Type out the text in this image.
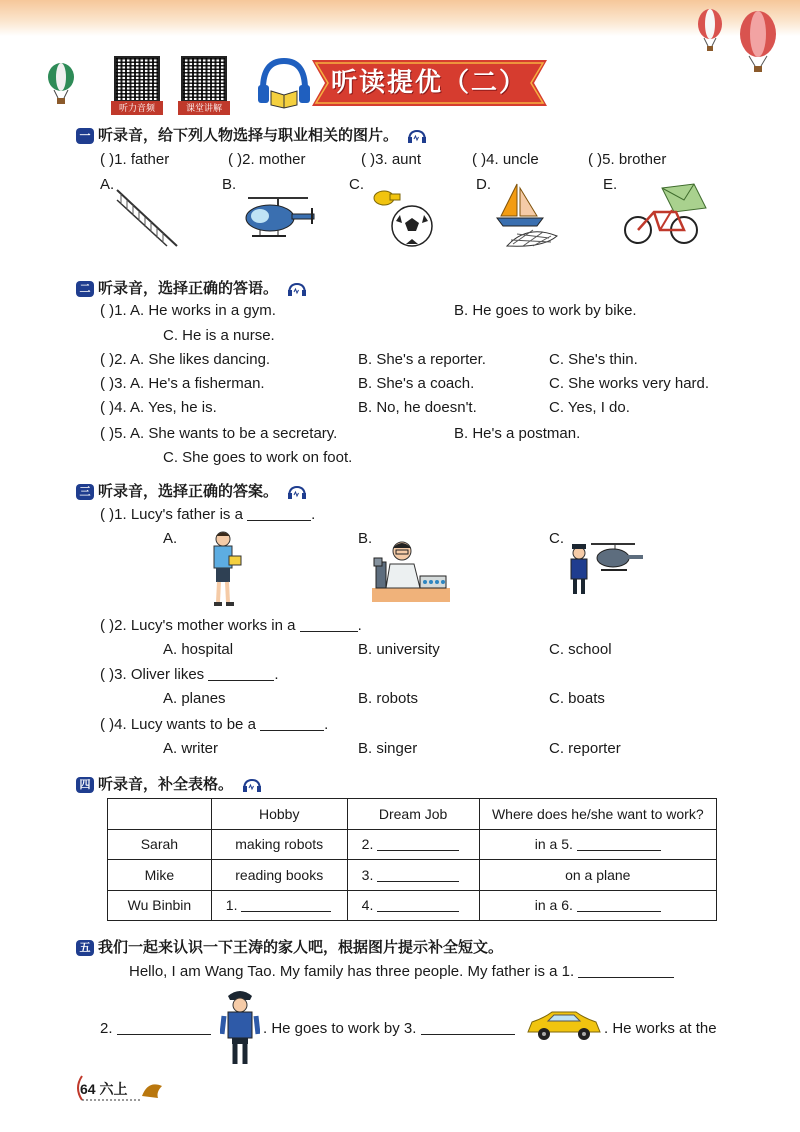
听力音频	课堂讲解
听读提优（二）
一 听录音，给下列人物选择与职业相关的图片。
( )1. father	( )2. mother	( )3. aunt	( )4. uncle	( )5. brother
A.	B.	C.	D.	E.
二 听录音，选择正确的答语。
( )1. A. He works in a gym.	B. He goes to work by bike.
C. He is a nurse.
( )2. A. She likes dancing.	B. She's a reporter.	C. She's thin.
( )3. A. He's a fisherman.	B. She's a coach.	C. She works very hard.
( )4. A. Yes, he is.	B. No, he doesn't.	C. Yes, I do.
( )5. A. She wants to be a secretary.	B. He's a postman.
C. She goes to work on foot.
三 听录音，选择正确的答案。
( )1. Lucy's father is a	.
A.	B.	C.
( )2. Lucy's mother works in a	.
A. hospital	B. university	C. school
( )3. Oliver likes	.
A. planes	B. robots	C. boats
( )4. Lucy wants to be a	.
A. writer	B. singer	C. reporter
四 听录音，补全表格。
	Hobby	Dream Job	Where does he/she want to work?
Sarah	making robots	2.	in a 5.
Mike	reading books	3.	on a plane
Wu Binbin	1.	4.	in a 6.
五 我们一起来认识一下王涛的家人吧，根据图片提示补全短文。
Hello, I am Wang Tao. My family has three people. My father is a 1.
2.	. He goes to work by 3.	. He works at the
64 六上
